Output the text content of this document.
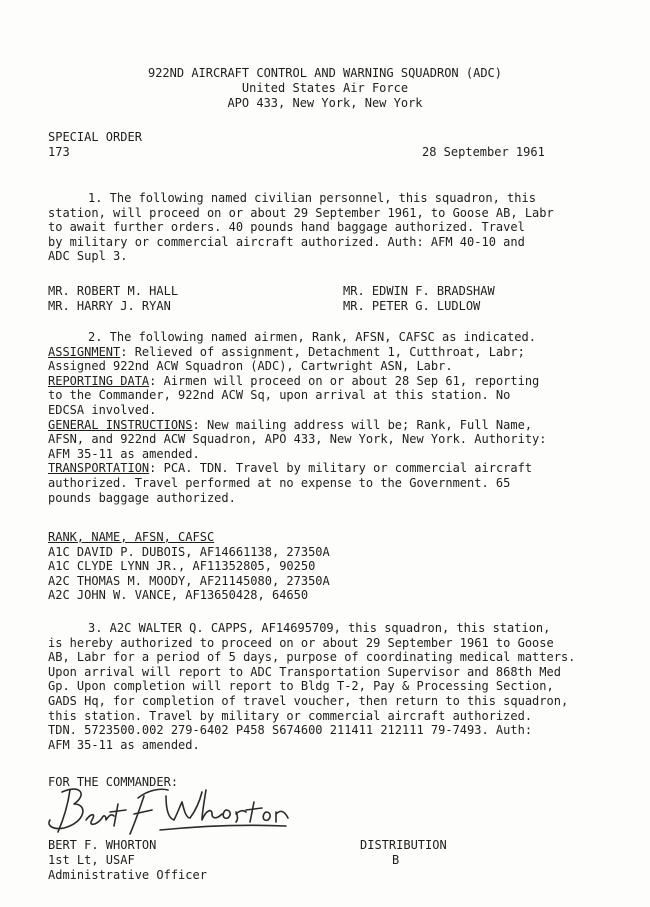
922ND AIRCRAFT CONTROL AND WARNING SQUADRON (ADC)
United States Air Force
APO 433, New York, New York
SPECIAL ORDER
173	28 September 1961
1. The following named civilian personnel, this squadron, this
station, will proceed on or about 29 September 1961, to Goose AB, Labr
to await further orders. 40 pounds hand baggage authorized. Travel
by military or commercial aircraft authorized. Auth: AFM 40-10 and
ADC Supl 3.
MR. ROBERT M. HALL
MR. HARRY J. RYAN
MR. EDWIN F. BRADSHAW
MR. PETER G. LUDLOW
2. The following named airmen, Rank, AFSN, CAFSC as indicated.
ASSIGNMENT: Relieved of assignment, Detachment 1, Cutthroat, Labr;
Assigned 922nd ACW Squadron (ADC), Cartwright ASN, Labr.
REPORTING DATA: Airmen will proceed on or about 28 Sep 61, reporting
to the Commander, 922nd ACW Sq, upon arrival at this station. No
EDCSA involved.
GENERAL INSTRUCTIONS: New mailing address will be; Rank, Full Name,
AFSN, and 922nd ACW Squadron, APO 433, New York, New York. Authority:
AFM 35-11 as amended.
TRANSPORTATION: PCA. TDN. Travel by military or commercial aircraft
authorized. Travel performed at no expense to the Government. 65
pounds baggage authorized.
RANK, NAME, AFSN, CAFSC
A1C DAVID P. DUBOIS, AF14661138, 27350A
A1C CLYDE LYNN JR., AF11352805, 90250
A2C THOMAS M. MOODY, AF21145080, 27350A
A2C JOHN W. VANCE, AF13650428, 64650
3. A2C WALTER Q. CAPPS, AF14695709, this squadron, this station,
is hereby authorized to proceed on or about 29 September 1961 to Goose
AB, Labr for a period of 5 days, purpose of coordinating medical matters.
Upon arrival will report to ADC Transportation Supervisor and 868th Med
Gp. Upon completion will report to Bldg T-2, Pay & Processing Section,
GADS Hq, for completion of travel voucher, then return to this squadron,
this station. Travel by military or commercial aircraft authorized.
TDN. 5723500.002 279-6402 P458 S674600 211411 212111 79-7493. Auth:
AFM 35-11 as amended.
FOR THE COMMANDER:
BERT F. WHORTON
1st Lt, USAF
Administrative Officer
DISTRIBUTION
B
